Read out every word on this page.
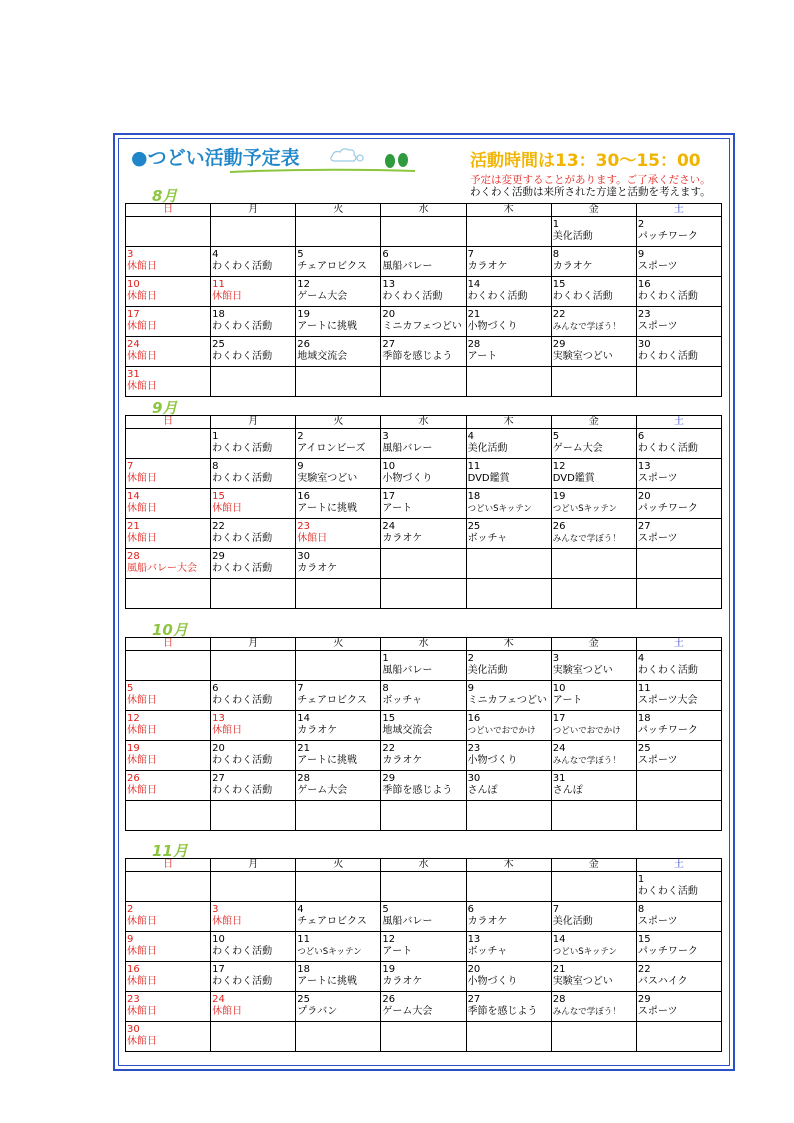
●つどい活動予定表	活動時間は13：30～15：00
予定は変更することがあります。ご了承ください。
わくわく活動は来所された方達と活動を考えます。
8月
日	月	火	水	木	金	土

					1
美化活動	2
パッチワーク

3
休館日	4
わくわく活動	5
チェアロビクス	6
風船バレー	7
カラオケ	8
カラオケ	9
スポーツ

10
休館日	11
休館日	12
ゲーム大会	13
わくわく活動	14
わくわく活動	15
わくわく活動	16
わくわく活動

17
休館日	18
わくわく活動	19
アートに挑戦	20
ミニカフェつどい	21
小物づくり	22
みんなで学ぼう！	23
スポーツ

24
休館日	25
わくわく活動	26
地域交流会	27
季節を感じよう	28
アート	29
実験室つどい	30
わくわく活動

31
休館日						

9月
日	月	火	水	木	金	土

	1
わくわく活動	2
アイロンビーズ	3
風船バレー	4
美化活動	5
ゲーム大会	6
わくわく活動

7
休館日	8
わくわく活動	9
実験室つどい	10
小物づくり	11
DVD鑑賞	12
DVD鑑賞	13
スポーツ

14
休館日	15
休館日	16
アートに挑戦	17
アート	18
つどいSキッテン	19
つどいSキッテン	20
パッチワーク

21
休館日	22
わくわく活動	23
休館日	24
カラオケ	25
ボッチャ	26
みんなで学ぼう！	27
スポーツ

28
風船バレー大会	29
わくわく活動	30
カラオケ				

10月
日	月	火	水	木	金	土

			1
風船バレー	2
美化活動	3
実験室つどい	4
わくわく活動

5
休館日	6
わくわく活動	7
チェアロビクス	8
ボッチャ	9
ミニカフェつどい	10
アート	11
スポーツ大会

12
休館日	13
休館日	14
カラオケ	15
地域交流会	16
つどいでおでかけ	17
つどいでおでかけ	18
パッチワーク

19
休館日	20
わくわく活動	21
アートに挑戦	22
カラオケ	23
小物づくり	24
みんなで学ぼう！	25
スポーツ

26
休館日	27
わくわく活動	28
ゲーム大会	29
季節を感じよう	30
さんぽ	31
さんぽ	

11月
日	月	火	水	木	金	土

						1
わくわく活動

2
休館日	3
休館日	4
チェアロビクス	5
風船バレー	6
カラオケ	7
美化活動	8
スポーツ

9
休館日	10
わくわく活動	11
つどいSキッテン	12
アート	13
ボッチャ	14
つどいSキッテン	15
パッチワーク

16
休館日	17
わくわく活動	18
アートに挑戦	19
カラオケ	20
小物づくり	21
実験室つどい	22
バスハイク

23
休館日	24
休館日	25
プラバン	26
ゲーム大会	27
季節を感じよう	28
みんなで学ぼう！	29
スポーツ

30
休館日						
